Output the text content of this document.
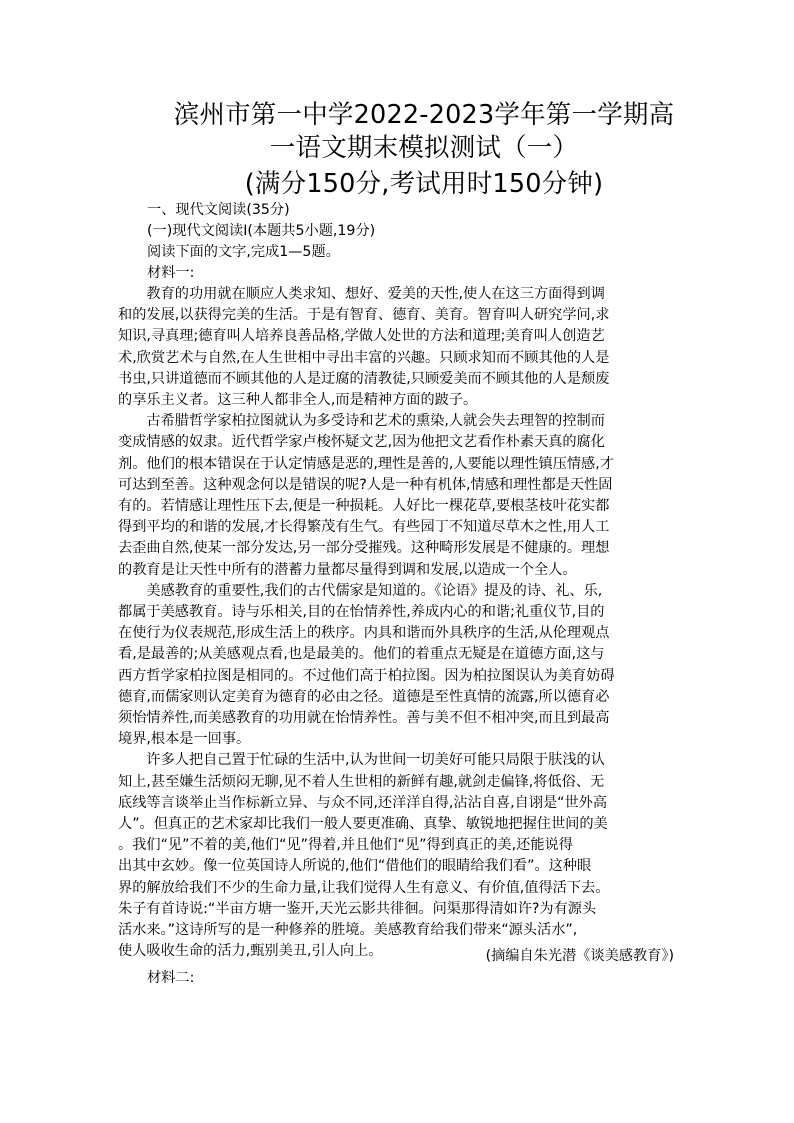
滨州市第一中学2022-2023学年第一学期高
一语文期末模拟测试（一）
(满分150分,考试用时150分钟)
一、现代文阅读(35分)
(一)现代文阅读Ⅰ(本题共5小题,19分)
阅读下面的文字,完成1—5题。
材料一:
教育的功用就在顺应人类求知、想好、爱美的天性,使人在这三方面得到调
和的发展,以获得完美的生活。于是有智育、德育、美育。智育叫人研究学问,求
知识,寻真理;德育叫人培养良善品格,学做人处世的方法和道理;美育叫人创造艺
术,欣赏艺术与自然,在人生世相中寻出丰富的兴趣。只顾求知而不顾其他的人是
书虫,只讲道德而不顾其他的人是迂腐的清教徒,只顾爱美而不顾其他的人是颓废
的享乐主义者。这三种人都非全人,而是精神方面的跛子。
古希腊哲学家柏拉图就认为多受诗和艺术的熏染,人就会失去理智的控制而
变成情感的奴隶。近代哲学家卢梭怀疑文艺,因为他把文艺看作朴素天真的腐化
剂。他们的根本错误在于认定情感是恶的,理性是善的,人要能以理性镇压情感,才
可达到至善。这种观念何以是错误的呢?人是一种有机体,情感和理性都是天性固
有的。若情感让理性压下去,便是一种损耗。人好比一棵花草,要根茎枝叶花实都
得到平均的和谐的发展,才长得繁茂有生气。有些园丁不知道尽草木之性,用人工
去歪曲自然,使某一部分发达,另一部分受摧残。这种畸形发展是不健康的。理想
的教育是让天性中所有的潜蓄力量都尽量得到调和发展,以造成一个全人。
美感教育的重要性,我们的古代儒家是知道的。《论语》提及的诗、礼、乐,
都属于美感教育。诗与乐相关,目的在怡情养性,养成内心的和谐;礼重仪节,目的
在使行为仪表规范,形成生活上的秩序。内具和谐而外具秩序的生活,从伦理观点
看,是最善的;从美感观点看,也是最美的。他们的着重点无疑是在道德方面,这与
西方哲学家柏拉图是相同的。不过他们高于柏拉图。因为柏拉图误认为美育妨碍
德育,而儒家则认定美育为德育的必由之径。道德是至性真情的流露,所以德育必
须怡情养性,而美感教育的功用就在怡情养性。善与美不但不相冲突,而且到最高
境界,根本是一回事。
许多人把自己置于忙碌的生活中,认为世间一切美好可能只局限于肤浅的认
知上,甚至嫌生活烦闷无聊,见不着人生世相的新鲜有趣,就剑走偏锋,将低俗、无
底线等言谈举止当作标新立异、与众不同,还洋洋自得,沾沾自喜,自诩是“世外高
人”。但真正的艺术家却比我们一般人要更准确、真挚、敏锐地把握住世间的美
。我们“见”不着的美,他们“见”得着,并且他们“见”得到真正的美,还能说得
出其中玄妙。像一位英国诗人所说的,他们“借他们的眼睛给我们看”。这种眼
界的解放给我们不少的生命力量,让我们觉得人生有意义、有价值,值得活下去。
朱子有首诗说:“半亩方塘一鉴开,天光云影共徘徊。问渠那得清如许?为有源头
活水来。”这诗所写的是一种修养的胜境。美感教育给我们带来“源头活水”,
使人吸收生命的活力,甄别美丑,引人向上。	(摘编自朱光潜《谈美感教育》)
材料二:
